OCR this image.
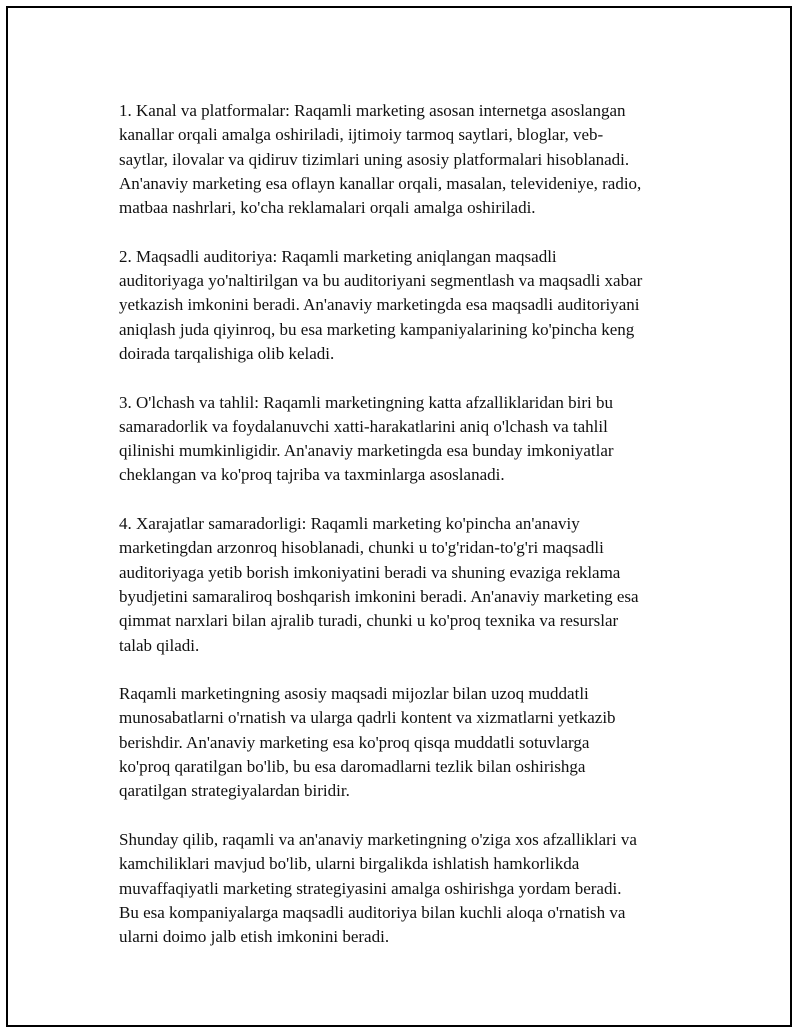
1. Kanal va platformalar: Raqamli marketing asosan internetga asoslangan
kanallar orqali amalga oshiriladi, ijtimoiy tarmoq saytlari, bloglar, veb-
saytlar, ilovalar va qidiruv tizimlari uning asosiy platformalari hisoblanadi.
An'anaviy marketing esa oflayn kanallar orqali, masalan, televideniye, radio,
matbaa nashrlari, ko'cha reklamalari orqali amalga oshiriladi.

2. Maqsadli auditoriya: Raqamli marketing aniqlangan maqsadli
auditoriyaga yo'naltirilgan va bu auditoriyani segmentlash va maqsadli xabar
yetkazish imkonini beradi. An'anaviy marketingda esa maqsadli auditoriyani
aniqlash juda qiyinroq, bu esa marketing kampaniyalarining ko'pincha keng
doirada tarqalishiga olib keladi.

3. O'lchash va tahlil: Raqamli marketingning katta afzalliklaridan biri bu
samaradorlik va foydalanuvchi xatti-harakatlarini aniq o'lchash va tahlil
qilinishi mumkinligidir. An'anaviy marketingda esa bunday imkoniyatlar
cheklangan va ko'proq tajriba va taxminlarga asoslanadi.

4. Xarajatlar samaradorligi: Raqamli marketing ko'pincha an'anaviy
marketingdan arzonroq hisoblanadi, chunki u to'g'ridan-to'g'ri maqsadli
auditoriyaga yetib borish imkoniyatini beradi va shuning evaziga reklama
byudjetini samaraliroq boshqarish imkonini beradi. An'anaviy marketing esa
qimmat narxlari bilan ajralib turadi, chunki u ko'proq texnika va resurslar
talab qiladi.

Raqamli marketingning asosiy maqsadi mijozlar bilan uzoq muddatli
munosabatlarni o'rnatish va ularga qadrli kontent va xizmatlarni yetkazib
berishdir. An'anaviy marketing esa ko'proq qisqa muddatli sotuvlarga
ko'proq qaratilgan bo'lib, bu esa daromadlarni tezlik bilan oshirishga
qaratilgan strategiyalardan biridir.

Shunday qilib, raqamli va an'anaviy marketingning o'ziga xos afzalliklari va
kamchiliklari mavjud bo'lib, ularni birgalikda ishlatish hamkorlikda
muvaffaqiyatli marketing strategiyasini amalga oshirishga yordam beradi.
Bu esa kompaniyalarga maqsadli auditoriya bilan kuchli aloqa o'rnatish va
ularni doimo jalb etish imkonini beradi.
